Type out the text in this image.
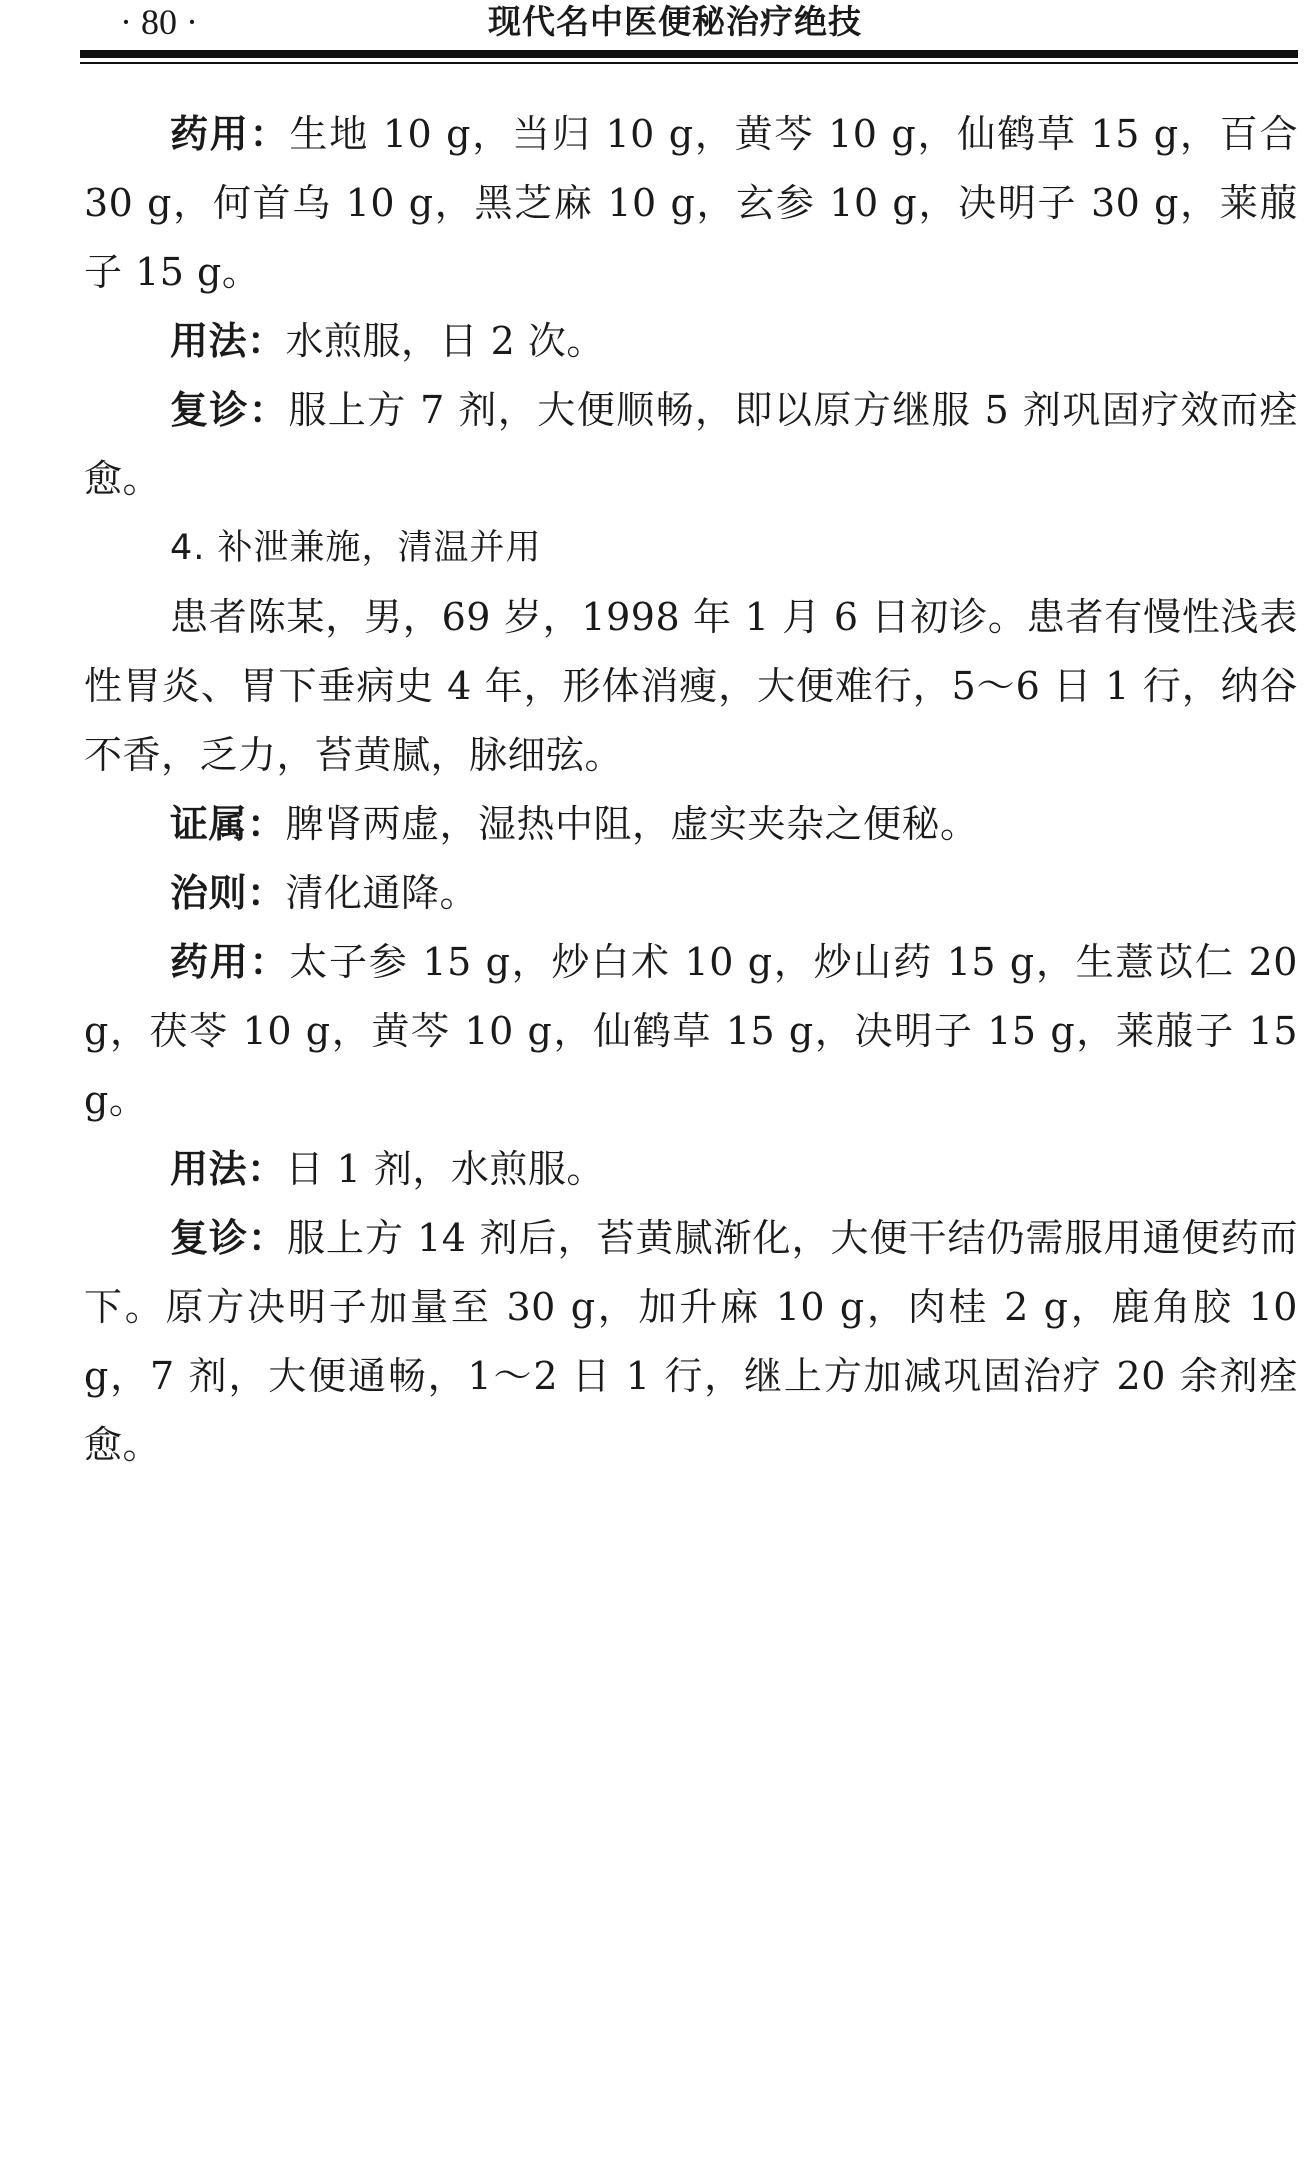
· 80 ·	现代名中医便秘治疗绝技

药用：生地 10 g，当归 10 g，黄芩 10 g，仙鹤草 15 g，百合 30 g，何首乌 10 g，黑芝麻 10 g，玄参 10 g，决明子 30 g，莱菔子 15 g。

用法：水煎服，日 2 次。

复诊：服上方 7 剂，大便顺畅，即以原方继服 5 剂巩固疗效而痊愈。

4. 补泄兼施，清温并用

患者陈某，男，69 岁，1998 年 1 月 6 日初诊。患者有慢性浅表性胃炎、胃下垂病史 4 年，形体消瘦，大便难行，5～6 日 1 行，纳谷不香，乏力，苔黄腻，脉细弦。

证属：脾肾两虚，湿热中阻，虚实夹杂之便秘。

治则：清化通降。

药用：太子参 15 g，炒白术 10 g，炒山药 15 g，生薏苡仁 20 g，茯苓 10 g，黄芩 10 g，仙鹤草 15 g，决明子 15 g，莱菔子 15 g。

用法：日 1 剂，水煎服。

复诊：服上方 14 剂后，苔黄腻渐化，大便干结仍需服用通便药而下。原方决明子加量至 30 g，加升麻 10 g，肉桂 2 g，鹿角胶 10 g，7 剂，大便通畅，1～2 日 1 行，继上方加减巩固治疗 20 余剂痊愈。
